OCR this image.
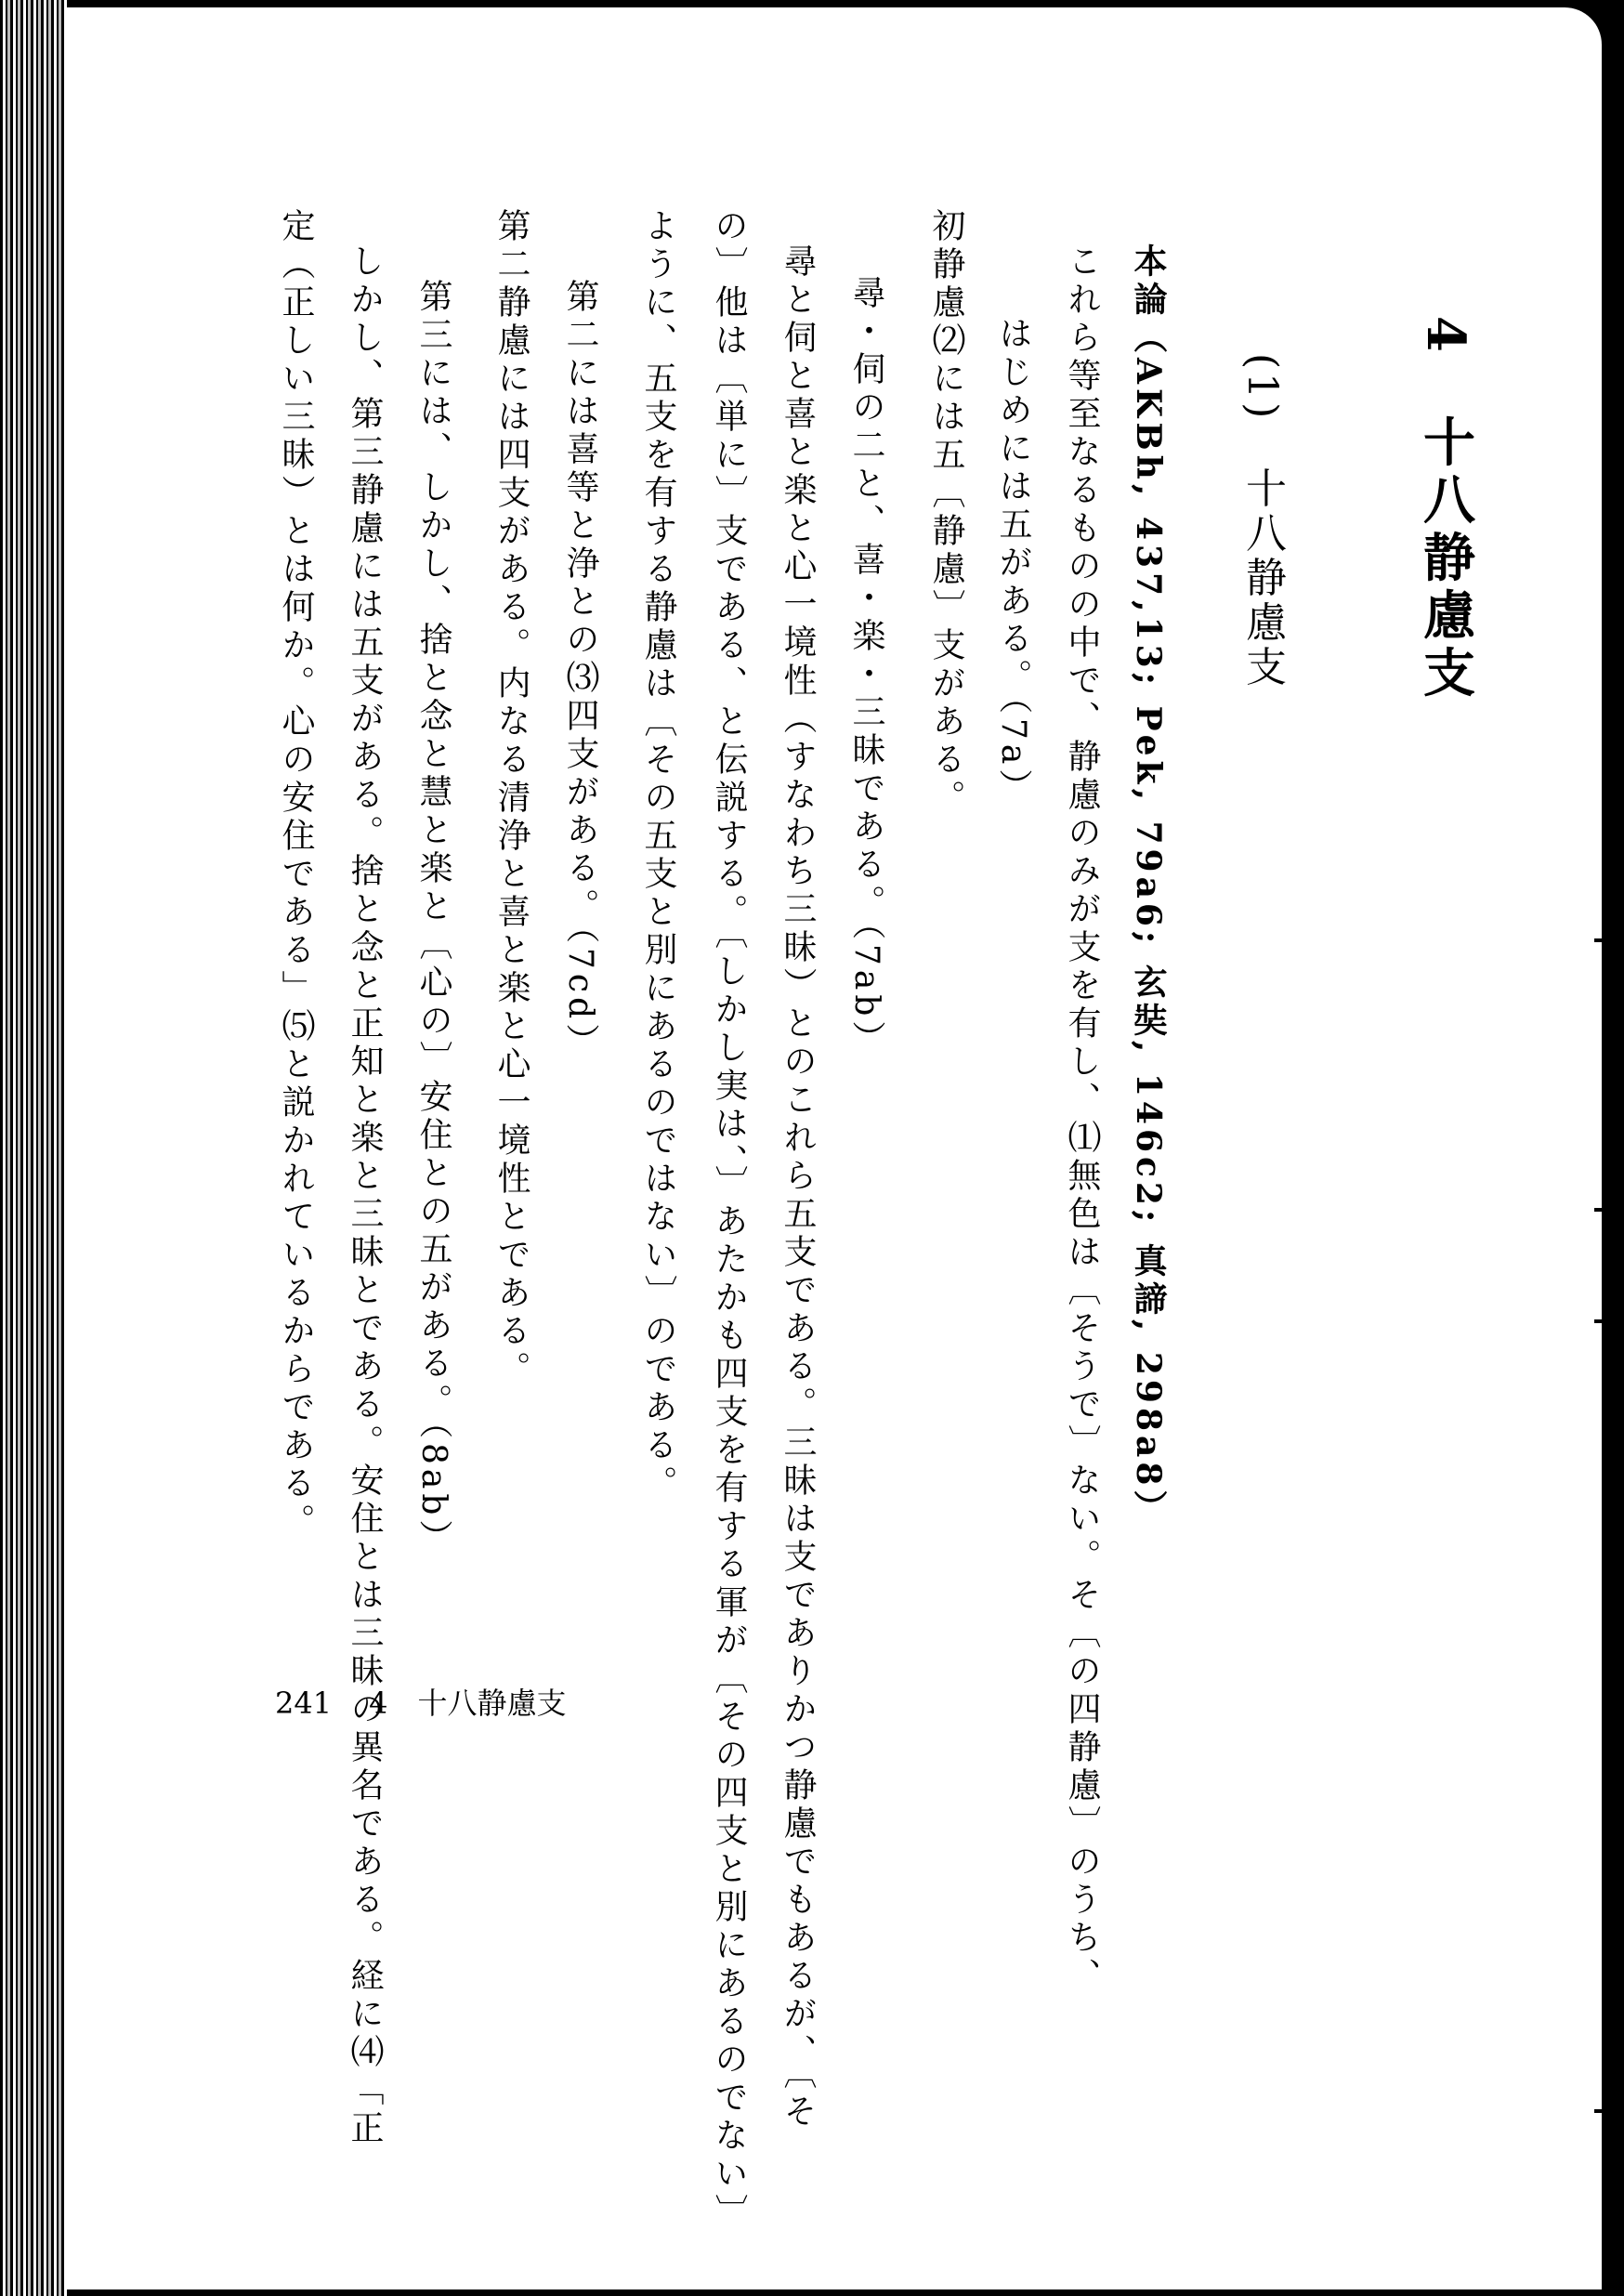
4　十八静慮支
(1)　十八静慮支
本論（AKBh, 437,13; Pek, 79a6; 玄奘, 146c2; 真諦, 298a8）
これら等至なるものの中で、静慮のみが支を有し、⑴無色は〔そうで〕ない。そ〔の四静慮〕のうち、
はじめには五がある。（7a）
初静慮⑵には五〔静慮〕支がある。
尋・伺の二と、喜・楽・三昧である。（7ab）
尋と伺と喜と楽と心一境性（すなわち三昧）とのこれら五支である。三昧は支でありかつ静慮でもあるが、〔そ
の〕他は〔単に〕支である、と伝説する。〔しかし実は、〕あたかも四支を有する軍が〔その四支と別にあるのでない〕
ように、五支を有する静慮は〔その五支と別にあるのではない〕のである。
第二には喜等と浄との⑶四支がある。（7cd）
第二静慮には四支がある。内なる清浄と喜と楽と心一境性とである。
第三には、しかし、捨と念と慧と楽と〔心の〕安住との五がある。（8ab）
しかし、第三静慮には五支がある。捨と念と正知と楽と三昧とである。安住とは三昧の異名である。経に⑷「正
定（正しい三昧）とは何か。心の安住である」⑸と説かれているからである。
241 4　十八静慮支
